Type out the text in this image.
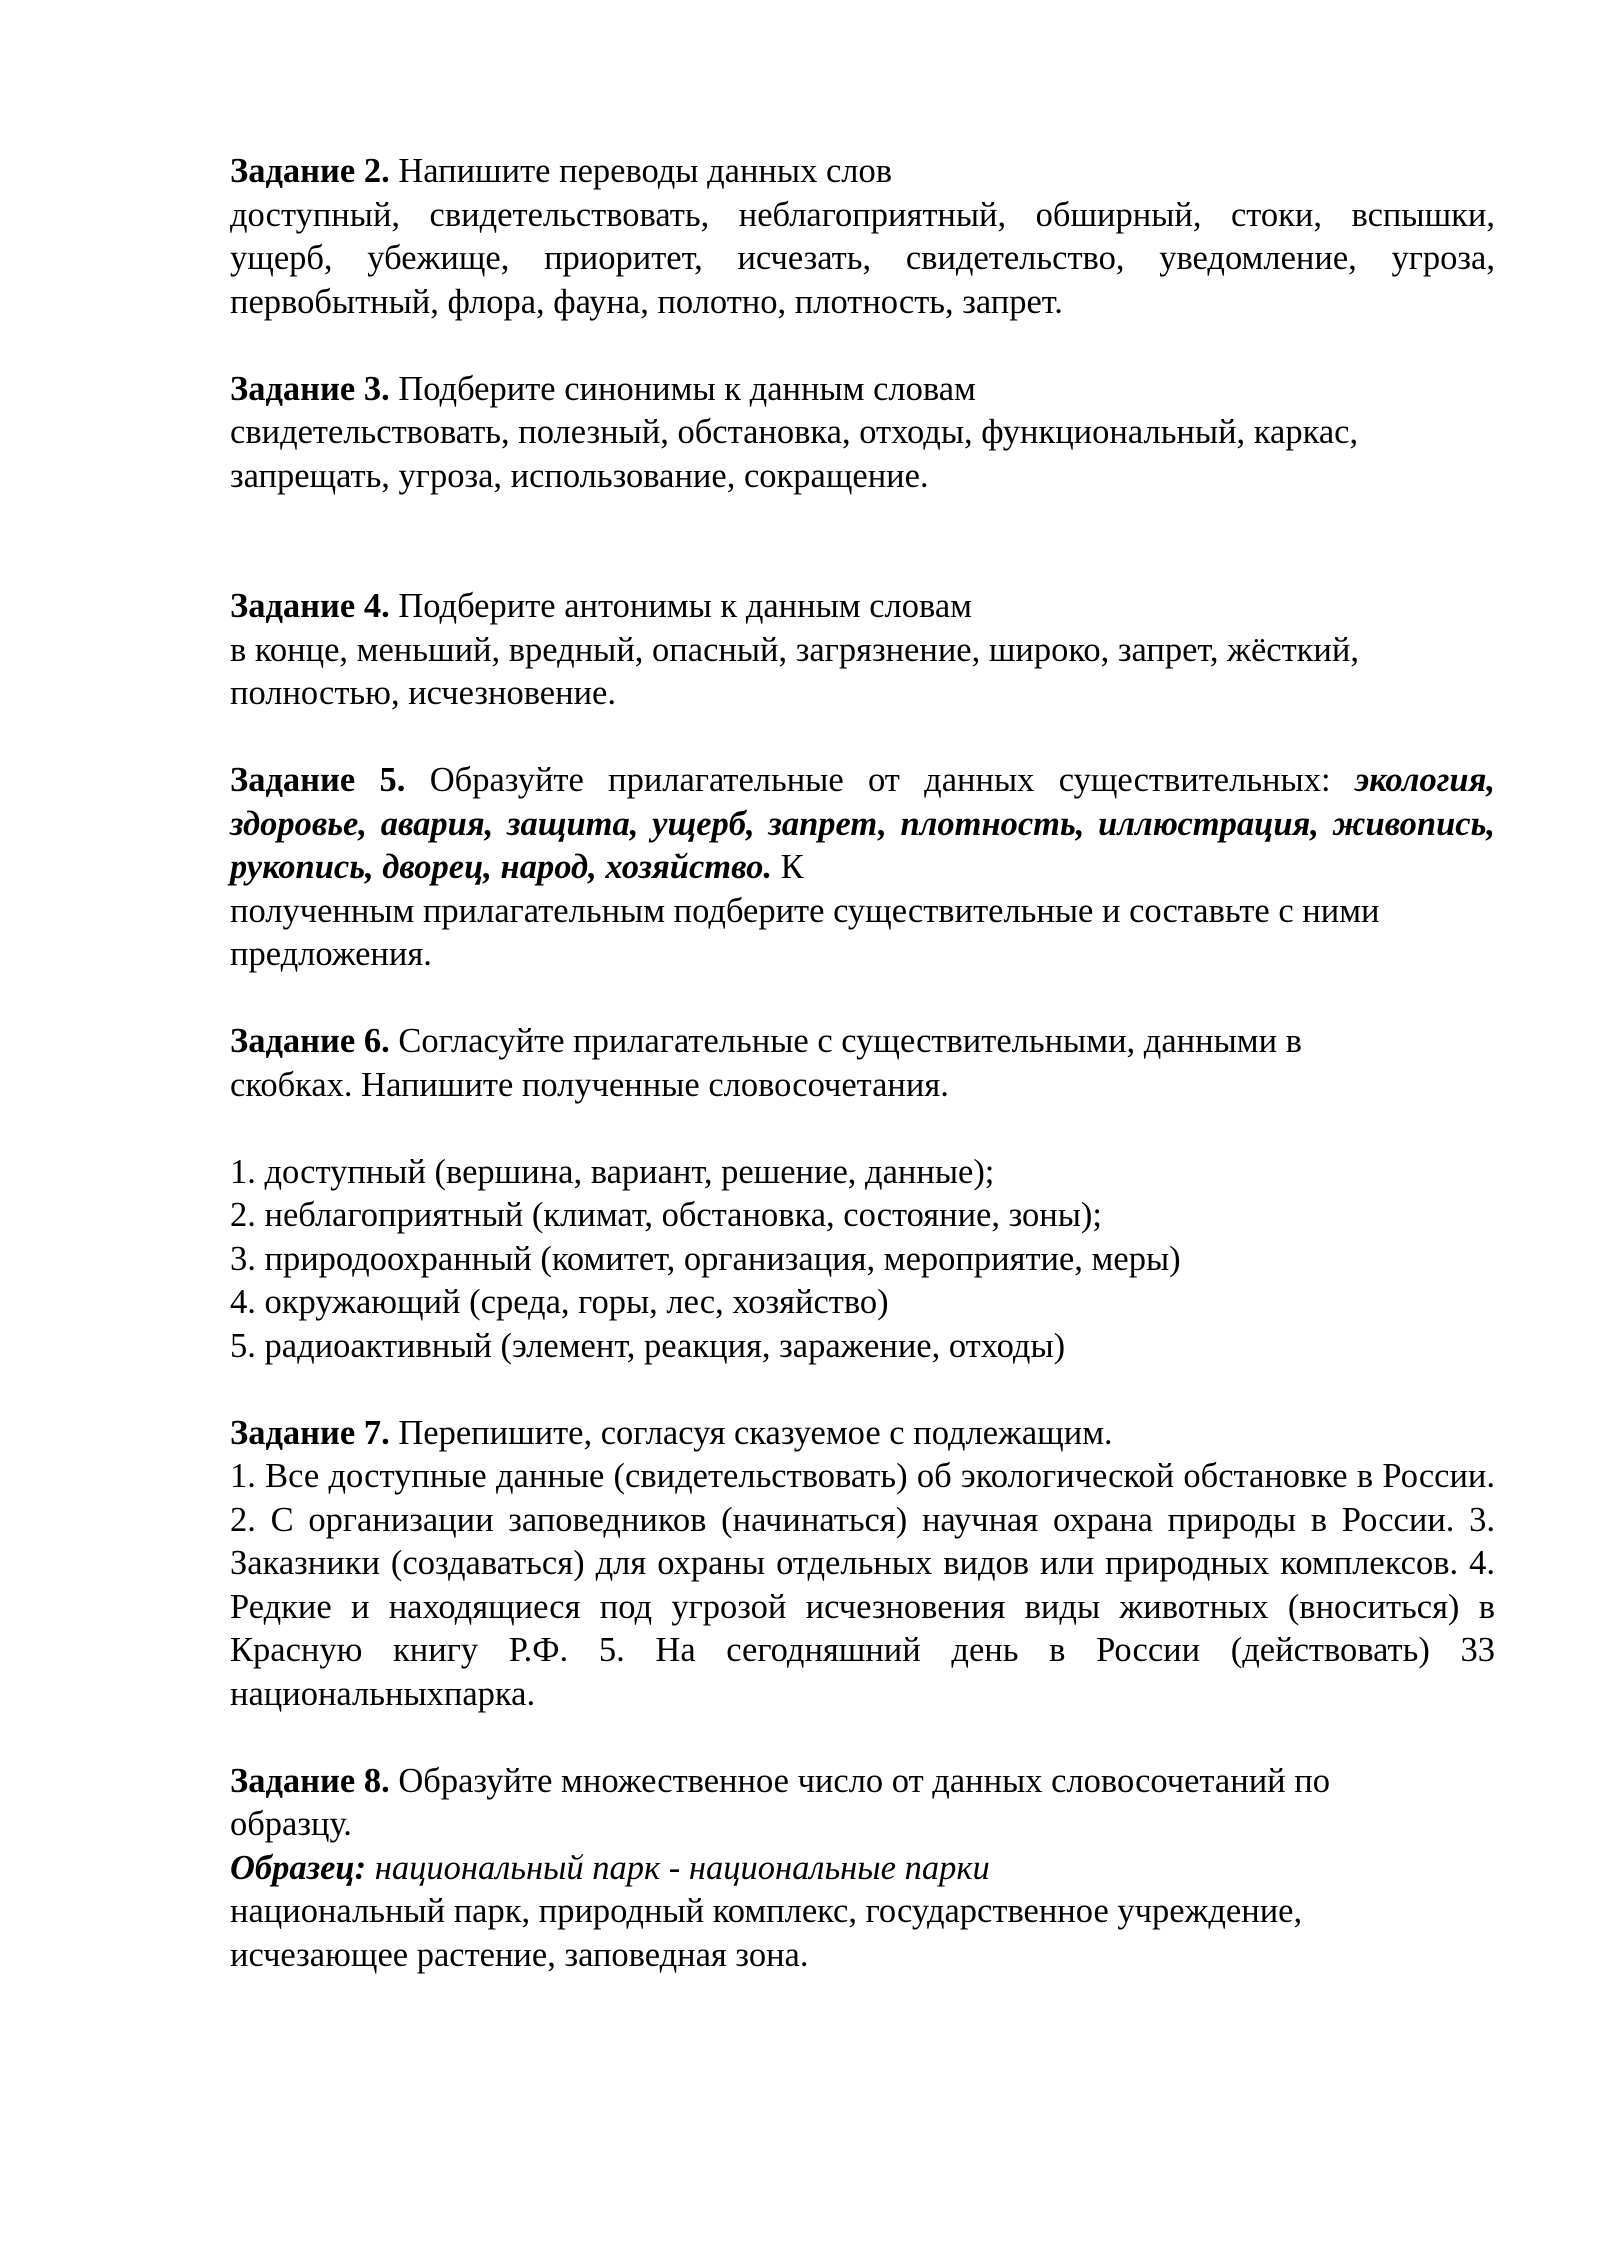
Задание 2. Напишите переводы данных слов

доступный, свидетельствовать, неблагоприятный, обширный, стоки, вспышки, ущерб, убежище, приоритет, исчезать, свидетельство, уведомление, угроза, первобытный, флора, фауна, полотно, плотность, запрет.

Задание 3. Подберите синонимы к данным словам

свидетельствовать, полезный, обстановка, отходы, функциональный, каркас,

запрещать, угроза, использование, сокращение.

Задание 4. Подберите антонимы к данным словам

в конце, меньший, вредный, опасный, загрязнение, широко, запрет, жёсткий,

полностью, исчезновение.

Задание 5. Образуйте прилагательные от данных существительных: экология, здоровье, авария, защита, ущерб, запрет, плотность, иллюстрация, живопись, рукопись, дворец, народ, хозяйство. К

полученным прилагательным подберите существительные и составьте с ними

предложения.

Задание 6. Согласуйте прилагательные с существительными, данными в

скобках. Напишите полученные словосочетания.

1. доступный (вершина, вариант, решение, данные);
2. неблагоприятный (климат, обстановка, состояние, зоны);
3. природоохранный (комитет, организация, мероприятие, меры)
4. окружающий (среда, горы, лес, хозяйство)
5. радиоактивный (элемент, реакция, заражение, отходы)

Задание 7. Перепишите, согласуя сказуемое с подлежащим.

1. Все доступные данные (свидетельствовать) об экологической обстановке в России. 2. С организации заповедников (начинаться) научная охрана природы в России. 3. Заказники (создаваться) для охраны отдельных видов или природных комплексов. 4. Редкие и находящиеся под угрозой исчезновения виды животных (вноситься) в Красную книгу Р.Ф. 5. На сегодняшний день в России (действовать) 33 национальныхпарка.

Задание 8. Образуйте множественное число от данных словосочетаний по

образцу.

Образец: национальный парк - национальные парки

национальный парк, природный комплекс, государственное учреждение,

исчезающее растение, заповедная зона.
